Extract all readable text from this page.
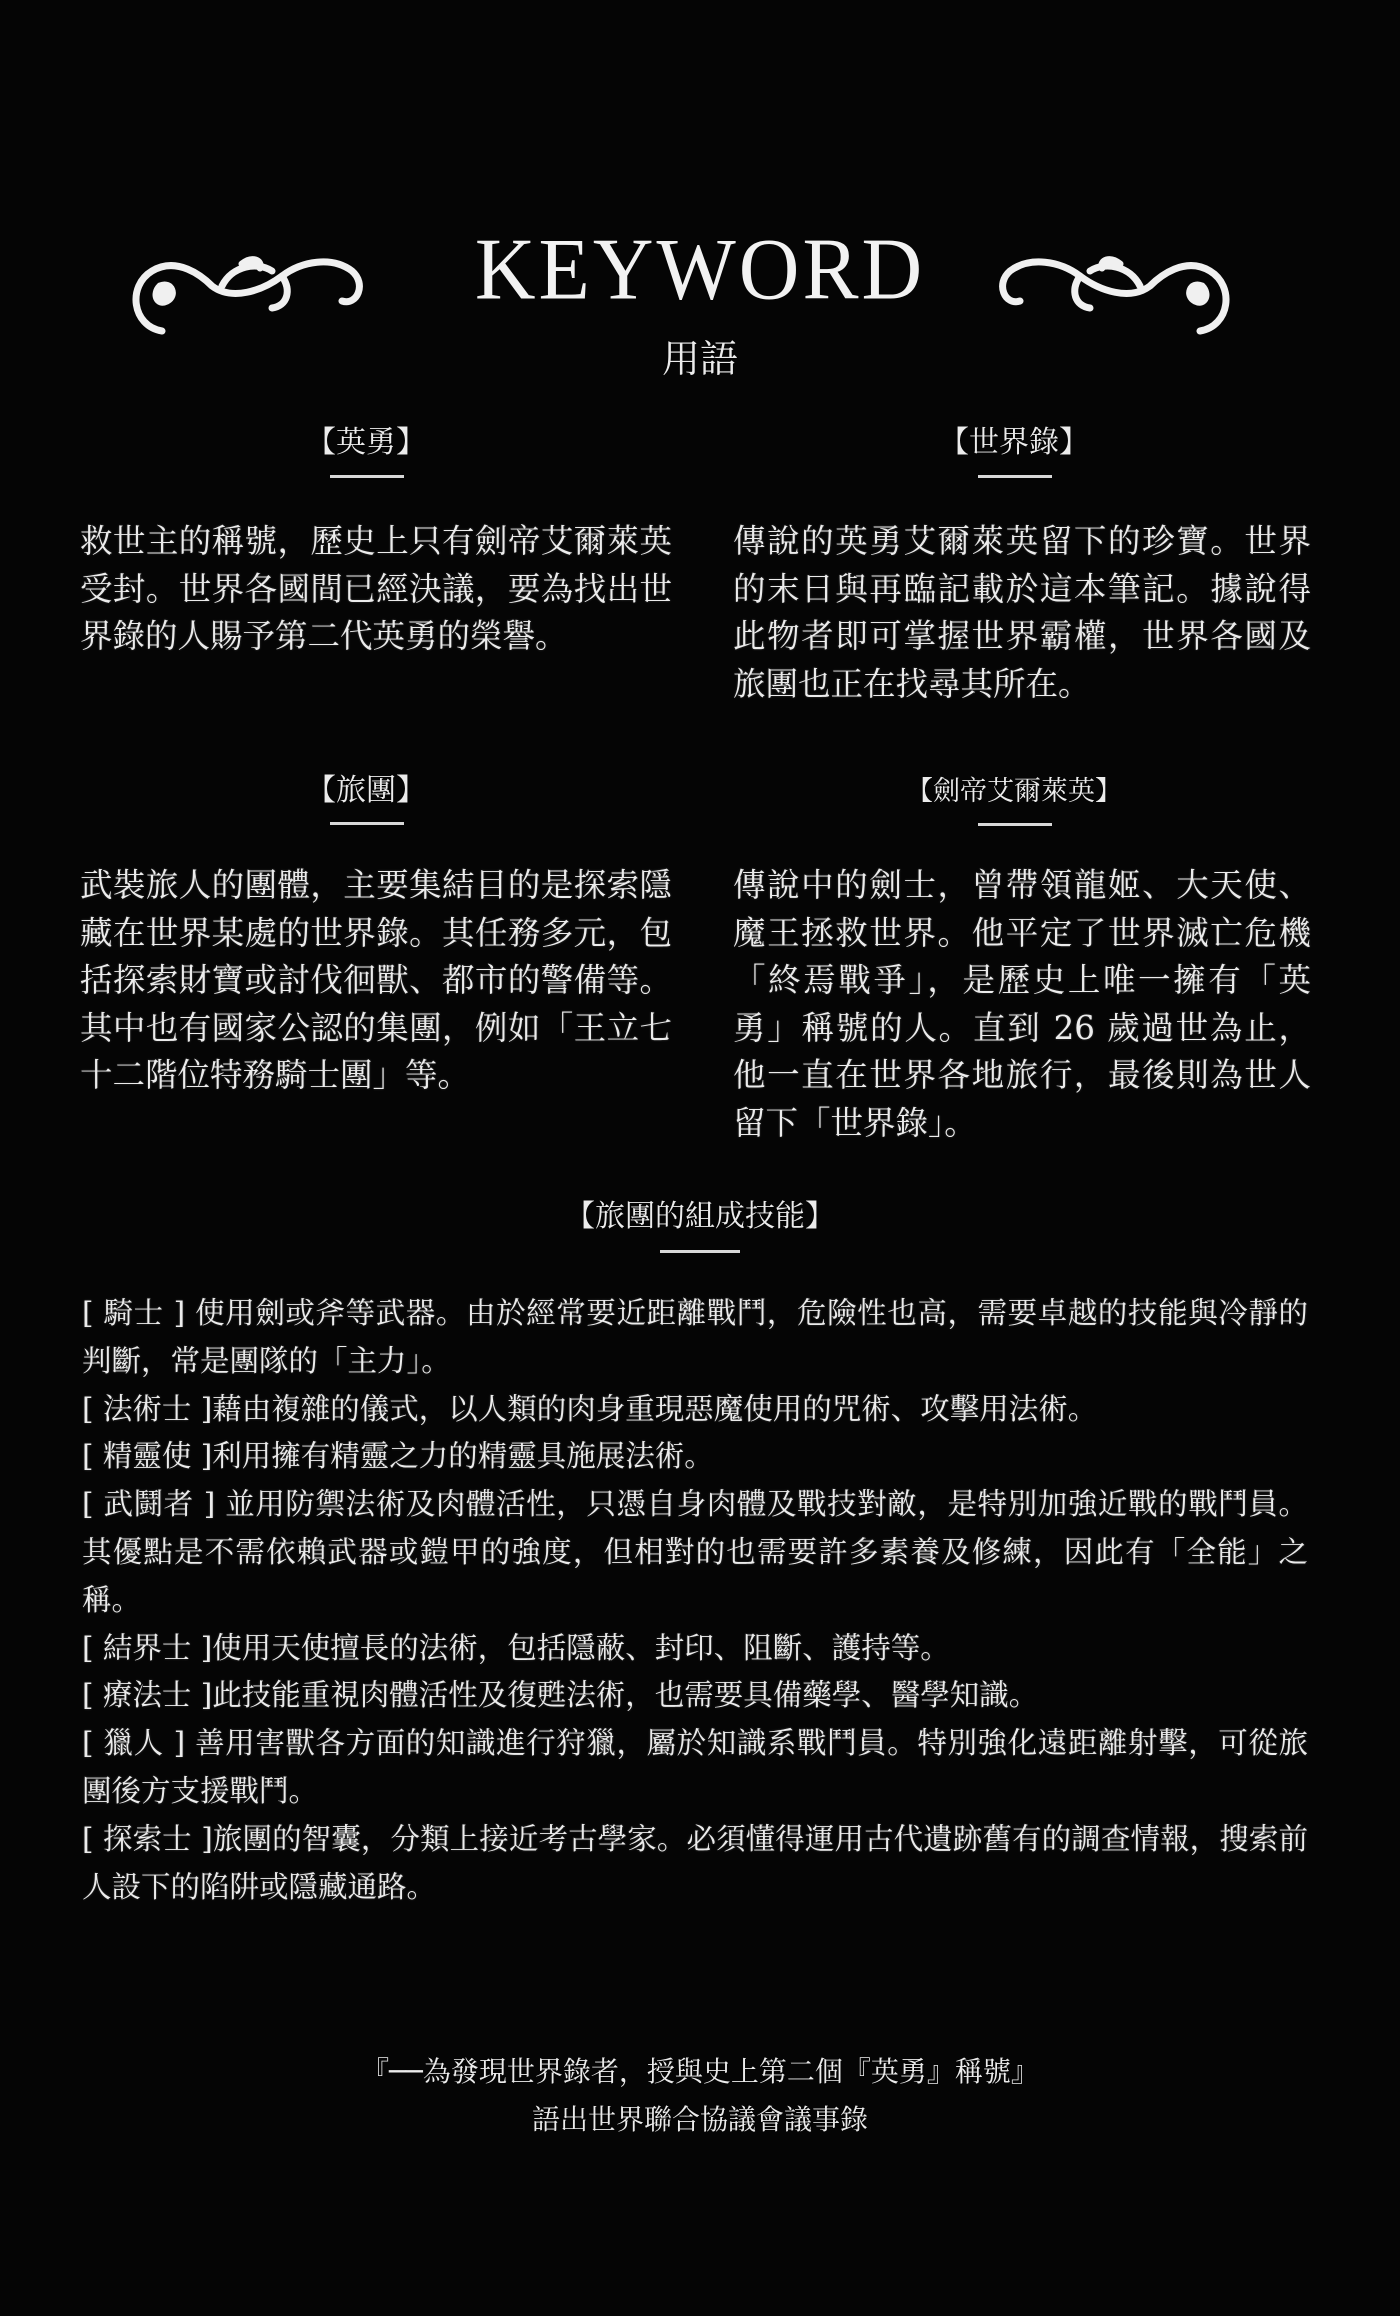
KEYWORD
用語
【英勇】
救世主的稱號，歷史上只有劍帝艾爾萊英受封。世界各國間已經決議，要為找出世界錄的人賜予第二代英勇的榮譽。
【世界錄】
傳說的英勇艾爾萊英留下的珍寶。世界的末日與再臨記載於這本筆記。據說得此物者即可掌握世界霸權，世界各國及旅團也正在找尋其所在。
【旅團】
武裝旅人的團體，主要集結目的是探索隱藏在世界某處的世界錄。其任務多元，包括探索財寶或討伐徊獸、都市的警備等。其中也有國家公認的集團，例如「王立七十二階位特務騎士團」等。
【劍帝艾爾萊英】
傳說中的劍士，曾帶領龍姬、大天使、魔王拯救世界。他平定了世界滅亡危機「終焉戰爭」，是歷史上唯一擁有「英勇」稱號的人。直到 26 歲過世為止，他一直在世界各地旅行，最後則為世人留下「世界錄」。
【旅團的組成技能】

[ 騎士 ] 使用劍或斧等武器。由於經常要近距離戰鬥，危險性也高，需要卓越的技能與冷靜的判斷，常是團隊的「主力」。

[ 法術士 ]藉由複雜的儀式，以人類的肉身重現惡魔使用的咒術、攻擊用法術。

[ 精靈使 ]利用擁有精靈之力的精靈具施展法術。

[ 武鬪者 ] 並用防禦法術及肉體活性，只憑自身肉體及戰技對敵，是特別加強近戰的戰鬥員。其優點是不需依賴武器或鎧甲的強度，但相對的也需要許多素養及修練，因此有「全能」之稱。

[ 結界士 ]使用天使擅長的法術，包括隱蔽、封印、阻斷、護持等。

[ 療法士 ]此技能重視肉體活性及復甦法術，也需要具備藥學、醫學知識。

[ 獵人 ] 善用害獸各方面的知識進行狩獵，屬於知識系戰鬥員。特別強化遠距離射擊，可從旅團後方支援戰鬥。

[ 探索士 ]旅團的智囊，分類上接近考古學家。必須懂得運用古代遺跡舊有的調查情報，搜索前人設下的陷阱或隱藏通路。

『──為發現世界錄者，授與史上第二個『英勇』稱號』
語出世界聯合協議會議事錄
